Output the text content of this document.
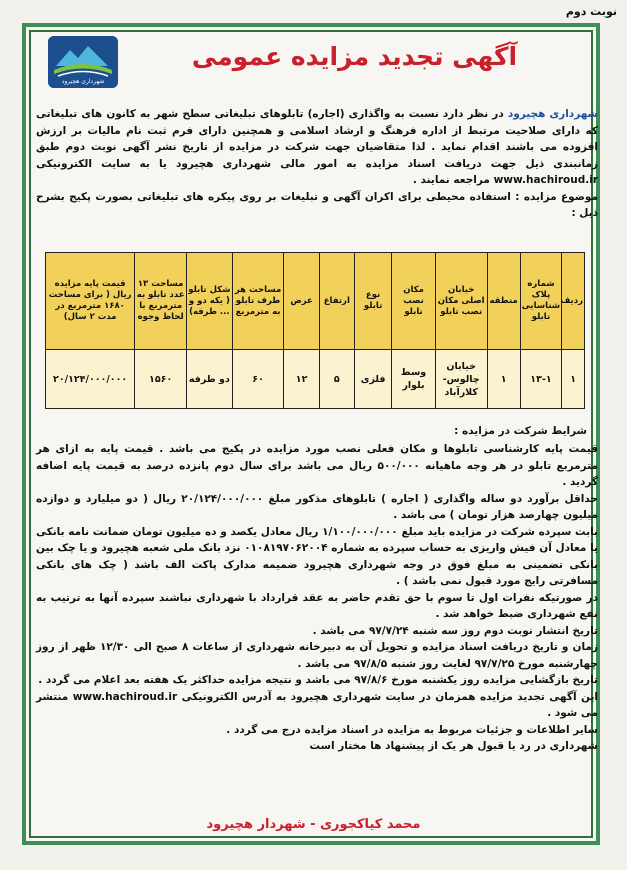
نوبت دوم
شهرداری هچیرود
آگهی تجدید مزایده عمومی
شهرداری هچیرود در نظر دارد نسبت به واگذاری (اجاره) تابلوهای تبلیغاتی سطح شهر به کانون های تبلیغاتی که دارای صلاحیت مرتبط از اداره فرهنگ و ارشاد اسلامی و همچنین دارای فرم ثبت نام مالیات بر ارزش افزوده می باشند اقدام نماید . لذا متقاضیان جهت شرکت در مزایده از تاریخ نشر آگهی نوبت دوم طبق زمانبندی ذیل جهت دریافت اسناد مزایده به امور مالی شهرداری هچیرود یا به سایت الکترونیکی www.hachiroud.ir مراجعه نمایند .
موضوع مزایده : استفاده محیطی برای اکران آگهی و تبلیغات بر روی پیکره های تبلیغاتی بصورت پکیج بشرح ذیل :
ردیف	شماره پلاک شناسایی تابلو	منطقه	خیابان اصلی مکان نصب تابلو	مکان نصب تابلو	نوع تابلو	ارتفاع	عرض	مساحت هر طرف تابلو به مترمربع	شکل تابلو ( یکه دو و ... طرفه)	مساحت ۱۳ عدد تابلو به مترمربع با لحاظ وجوه	قیمت پایه مزایده ریال ( برای مساحت ۱۶۸۰ مترمربع در مدت ۲ سال)
۱	۱۳-۱	۱	خیابان چالوس- کلارآباد	وسط بلوار	فلزی	۵	۱۲	۶۰	دو طرفه	۱۵۶۰	۲۰/۱۲۴/۰۰۰/۰۰۰
شرایط شرکت در مزایده :

قیمت پایه کارشناسی تابلوها و مکان فعلی نصب مورد مزایده در پکیج می باشد . قیمت پایه به ازای هر مترمربع تابلو در هر وجه ماهیانه ۵۰۰/۰۰۰ ریال می باشد برای سال دوم پانزده درصد به قیمت پایه اضافه گردید .

حداقل برآورد دو ساله واگذاری ( اجاره ) تابلوهای مذکور مبلغ ۲۰/۱۲۴/۰۰۰/۰۰۰ ریال ( دو میلیارد و دوازده میلیون چهارصد هزار تومان ) می باشد .

بابت سپرده شرکت در مزایده باید مبلغ ۱/۱۰۰/۰۰۰/۰۰۰ ریال معادل یکصد و ده میلیون تومان ضمانت نامه بانکی یا معادل آن فیش واریزی به حساب سپرده به شماره ۰۱۰۸۱۹۷۰۶۲۰۰۴ نزد بانک ملی شعبه هچیرود و یا چک بین بانکی تضمینی به مبلغ فوق در وجه شهرداری هچیرود ضمیمه مدارک پاکت الف باشد ( چک های بانکی مسافرتی رایج مورد قبول نمی باشد ) .

در صورتیکه نفرات اول تا سوم با حق تقدم حاضر به عقد قرارداد با شهرداری نباشند سپرده آنها به ترتیب به نفع شهرداری ضبط خواهد شد .

تاریخ انتشار نوبت دوم روز سه شنبه ۹۷/۷/۲۴ می باشد .

زمان و تاریخ دریافت اسناد مزایده و تحویل آن به دبیرخانه شهرداری از ساعات ۸ صبح الی ۱۲/۳۰ ظهر از روز چهارشنبه مورخ ۹۷/۷/۲۵ لغایت روز شنبه ۹۷/۸/۵ می باشد .

تاریخ بازگشایی مزایده روز یکشنبه مورخ ۹۷/۸/۶ می باشد و نتیجه مزایده حداکثر یک هفته بعد اعلام می گردد .

این آگهی تجدید مزایده همزمان در سایت شهرداری هچیرود به آدرس الکترونیکی www.hachiroud.ir منتشر می شود .

سایر اطلاعات و جزئیات مربوط به مزایده در اسناد مزایده درج می گردد .

شهرداری در رد یا قبول هر یک از پیشنهاد ها مختار است

محمد کیاکجوری - شهردار هچیرود
